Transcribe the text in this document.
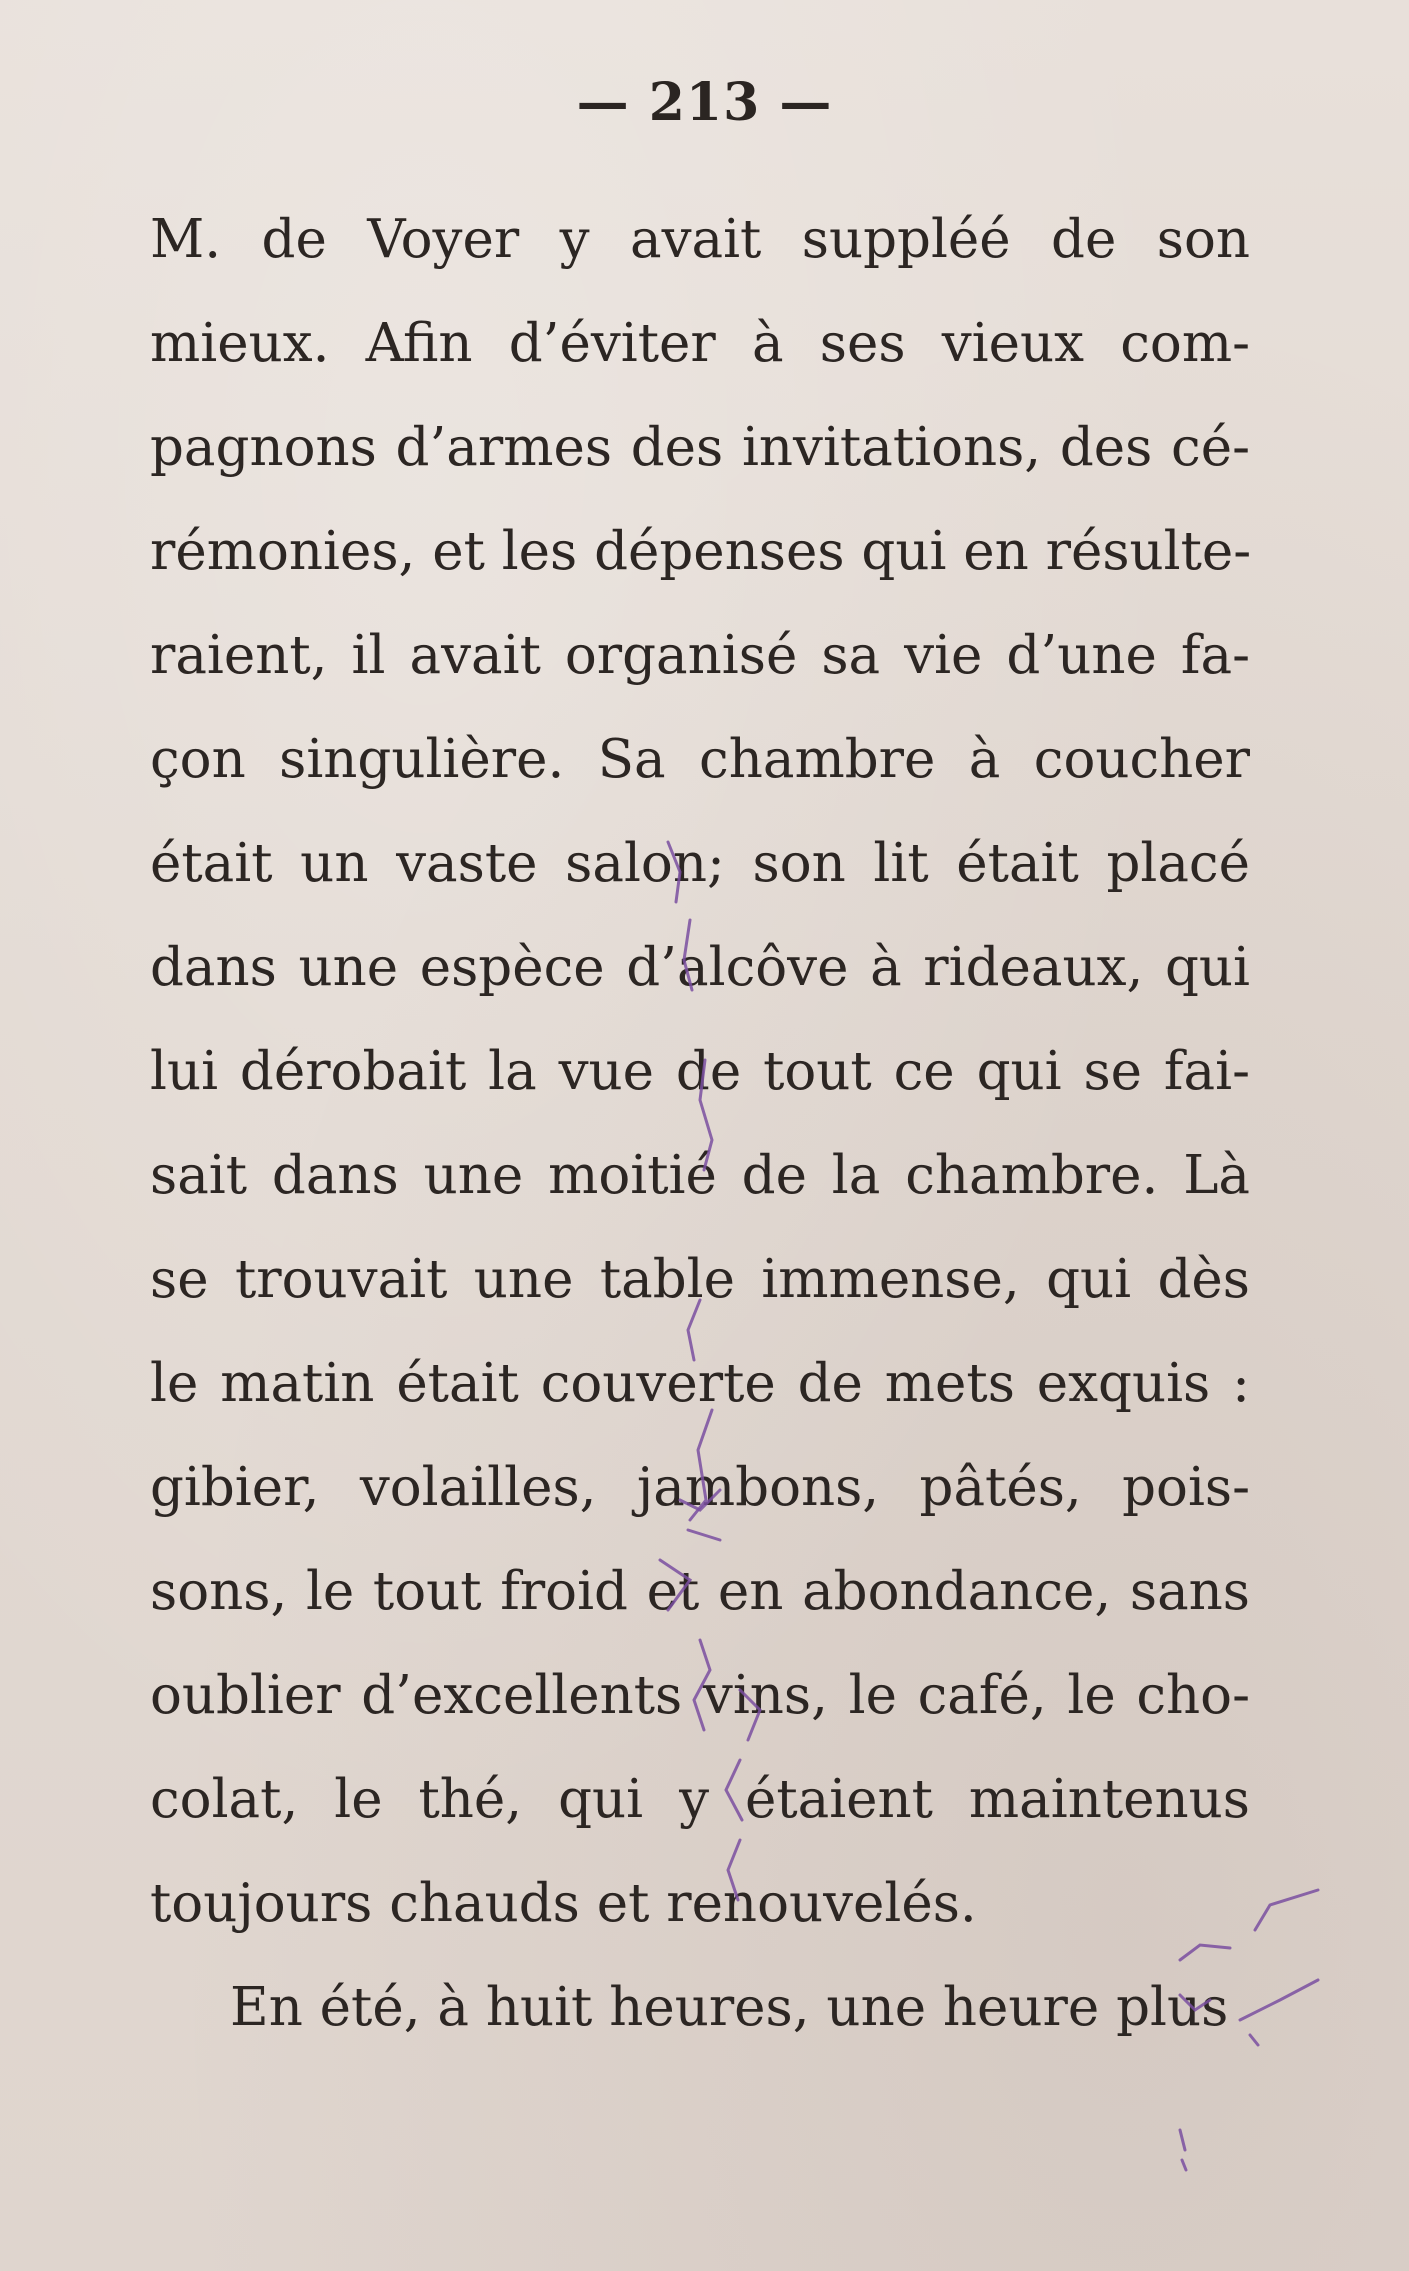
— 213 —
M. de Voyer y avait suppléé de son
mieux. Afin d’éviter à ses vieux com-
pagnons d’armes des invitations, des cé-
rémonies, et les dépenses qui en résulte-
raient, il avait organisé sa vie d’une fa-
çon singulière. Sa chambre à coucher
était un vaste salon; son lit était placé
dans une espèce d’alcôve à rideaux, qui
lui dérobait la vue de tout ce qui se fai-
sait dans une moitié de la chambre. Là
se trouvait une table immense, qui dès
le matin était couverte de mets exquis :
gibier, volailles, jambons, pâtés, pois-
sons, le tout froid et en abondance, sans
oublier d’excellents vins, le café, le cho-
colat, le thé, qui y étaient maintenus
toujours chauds et renouvelés.
En été, à huit heures, une heure plus
